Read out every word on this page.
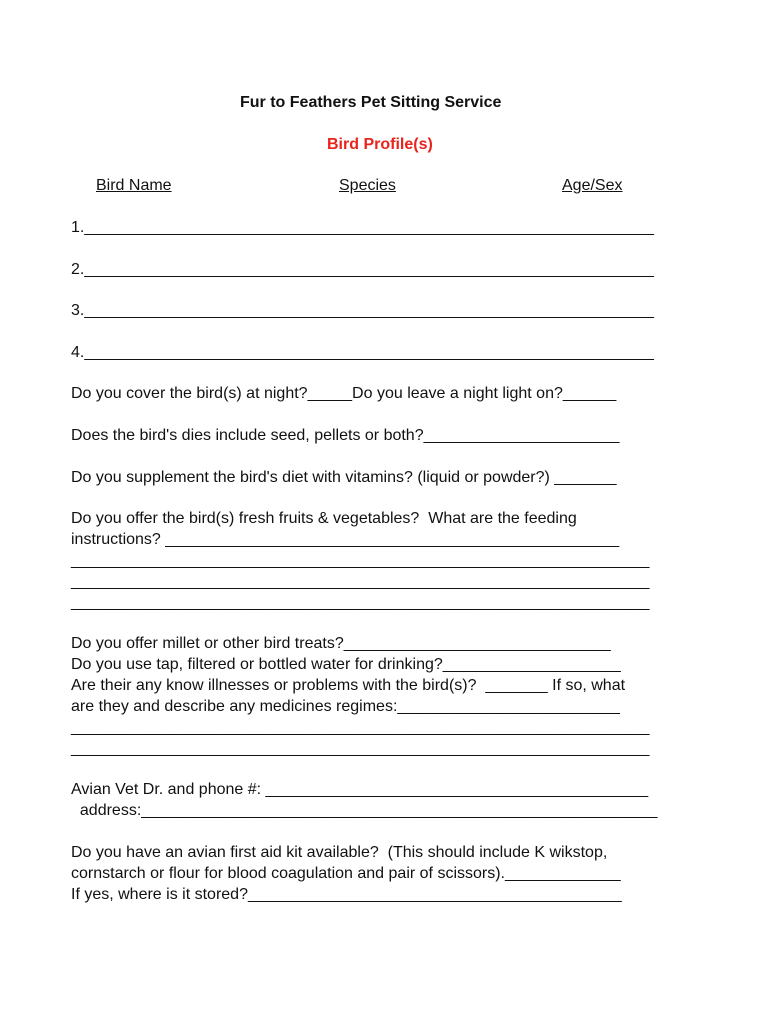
Fur to Feathers Pet Sitting Service
Bird Profile(s)
Bird Name	Species	Age/Sex
1.________________________________________________________________
2.________________________________________________________________
3.________________________________________________________________
4.________________________________________________________________
Do you cover the bird(s) at night?_____Do you leave a night light on?______
Does the bird's dies include seed, pellets or both?______________________
Do you supplement the bird's diet with vitamins? (liquid or powder?) _______
Do you offer the bird(s) fresh fruits & vegetables?  What are the feeding
instructions? ___________________________________________________
_________________________________________________________________
_________________________________________________________________
_________________________________________________________________
Do you offer millet or other bird treats?______________________________
Do you use tap, filtered or bottled water for drinking?____________________
Are their any know illnesses or problems with the bird(s)?  _______ If so, what
are they and describe any medicines regimes:_________________________
_________________________________________________________________
_________________________________________________________________
Avian Vet Dr. and phone #: ___________________________________________
address:__________________________________________________________
Do you have an avian first aid kit available?  (This should include K wikstop,
cornstarch or flour for blood coagulation and pair of scissors)._____________
If yes, where is it stored?__________________________________________
